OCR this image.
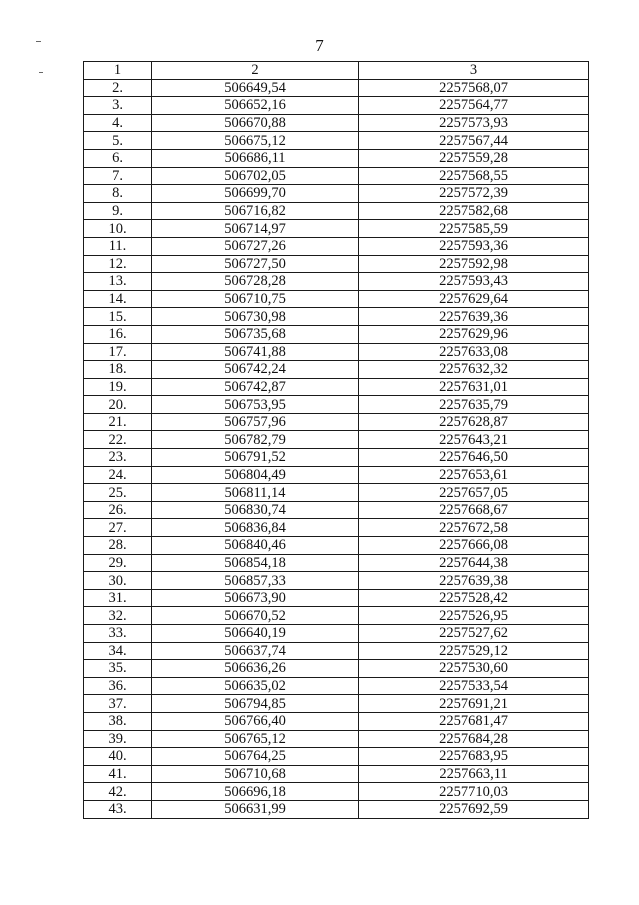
7
1	2	3
2.	506649,54	2257568,07
3.	506652,16	2257564,77
4.	506670,88	2257573,93
5.	506675,12	2257567,44
6.	506686,11	2257559,28
7.	506702,05	2257568,55
8.	506699,70	2257572,39
9.	506716,82	2257582,68
10.	506714,97	2257585,59
11.	506727,26	2257593,36
12.	506727,50	2257592,98
13.	506728,28	2257593,43
14.	506710,75	2257629,64
15.	506730,98	2257639,36
16.	506735,68	2257629,96
17.	506741,88	2257633,08
18.	506742,24	2257632,32
19.	506742,87	2257631,01
20.	506753,95	2257635,79
21.	506757,96	2257628,87
22.	506782,79	2257643,21
23.	506791,52	2257646,50
24.	506804,49	2257653,61
25.	506811,14	2257657,05
26.	506830,74	2257668,67
27.	506836,84	2257672,58
28.	506840,46	2257666,08
29.	506854,18	2257644,38
30.	506857,33	2257639,38
31.	506673,90	2257528,42
32.	506670,52	2257526,95
33.	506640,19	2257527,62
34.	506637,74	2257529,12
35.	506636,26	2257530,60
36.	506635,02	2257533,54
37.	506794,85	2257691,21
38.	506766,40	2257681,47
39.	506765,12	2257684,28
40.	506764,25	2257683,95
41.	506710,68	2257663,11
42.	506696,18	2257710,03
43.	506631,99	2257692,59
